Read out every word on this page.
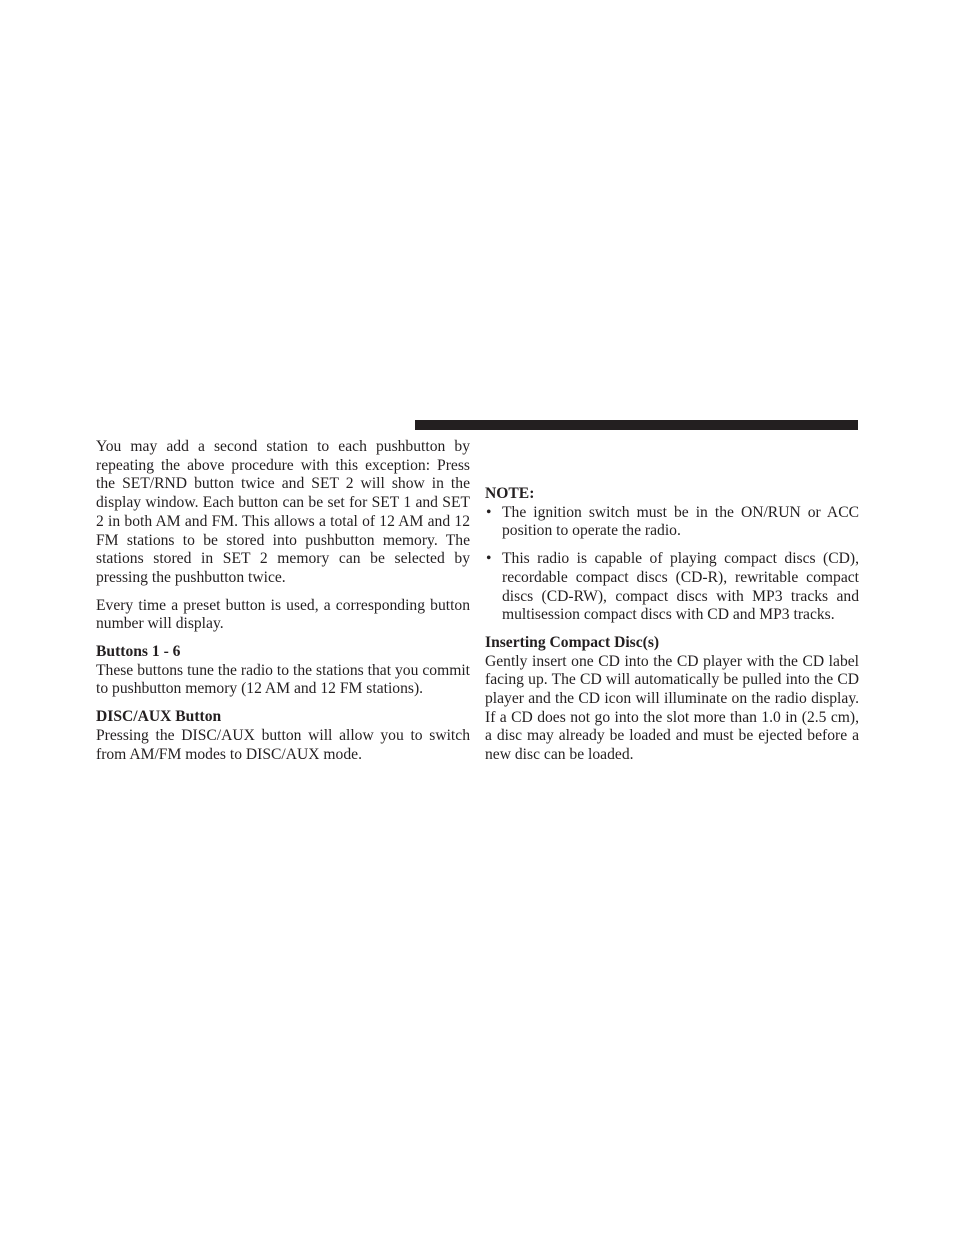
You may add a second station to each pushbutton by repeating the above procedure with this exception: Press the SET/RND button twice and SET 2 will show in the display window. Each button can be set for SET 1 and SET 2 in both AM and FM. This allows a total of 12 AM and 12 FM stations to be stored into pushbutton memory. The stations stored in SET 2 memory can be selected by pressing the pushbutton twice.

Every time a preset button is used, a corresponding button number will display.

Buttons 1 - 6

These buttons tune the radio to the stations that you commit to pushbutton memory (12 AM and 12 FM stations).

DISC/AUX Button

Pressing the DISC/AUX button will allow you to switch from AM/FM modes to DISC/AUX mode.

NOTE:
• The ignition switch must be in the ON/RUN or ACC position to operate the radio.
• This radio is capable of playing compact discs (CD), recordable compact discs (CD-R), rewritable compact discs (CD-RW), compact discs with MP3 tracks and multisession compact discs with CD and MP3 tracks.
Inserting Compact Disc(s)

Gently insert one CD into the CD player with the CD label facing up. The CD will automatically be pulled into the CD player and the CD icon will illuminate on the radio display. If a CD does not go into the slot more than 1.0 in (2.5 cm), a disc may already be loaded and must be ejected before a new disc can be loaded.
